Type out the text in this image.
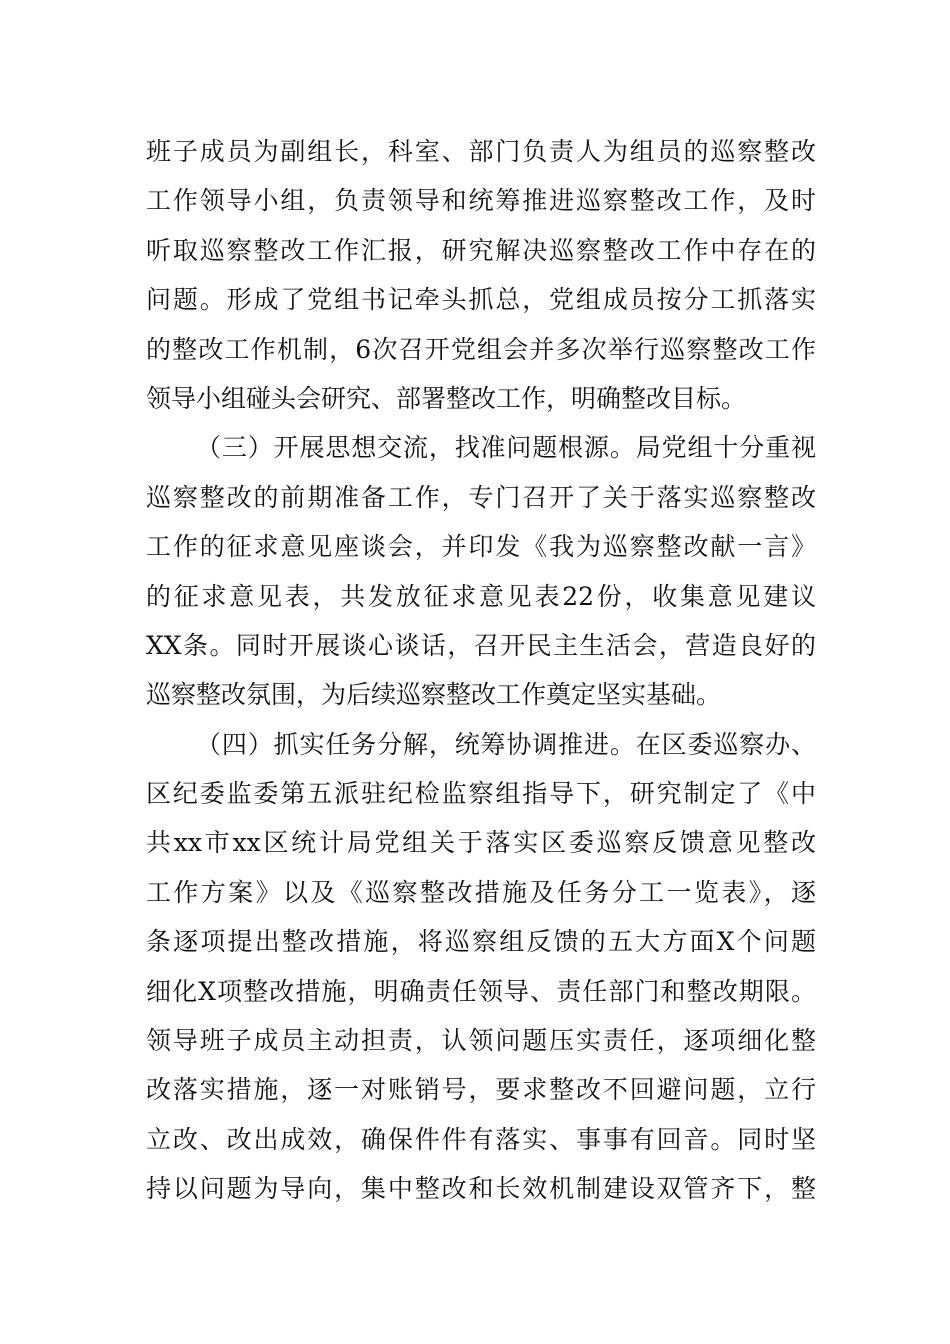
班子成员为副组长，科室、部门负责人为组员的巡察整改
工作领导小组，负责领导和统筹推进巡察整改工作，及时
听取巡察整改工作汇报，研究解决巡察整改工作中存在的
问题。形成了党组书记牵头抓总，党组成员按分工抓落实
的整改工作机制，6次召开党组会并多次举行巡察整改工作
领导小组碰头会研究、部署整改工作，明确整改目标。
（三）开展思想交流，找准问题根源。局党组十分重视
巡察整改的前期准备工作，专门召开了关于落实巡察整改
工作的征求意见座谈会，并印发《我为巡察整改献一言》
的征求意见表，共发放征求意见表22份，收集意见建议
XX条。同时开展谈心谈话，召开民主生活会，营造良好的
巡察整改氛围，为后续巡察整改工作奠定坚实基础。
（四）抓实任务分解，统筹协调推进。在区委巡察办、
区纪委监委第五派驻纪检监察组指导下，研究制定了《中
共xx市xx区统计局党组关于落实区委巡察反馈意见整改
工作方案》以及《巡察整改措施及任务分工一览表》，逐
条逐项提出整改措施，将巡察组反馈的五大方面X个问题
细化X项整改措施，明确责任领导、责任部门和整改期限。
领导班子成员主动担责，认领问题压实责任，逐项细化整
改落实措施，逐一对账销号，要求整改不回避问题，立行
立改、改出成效，确保件件有落实、事事有回音。同时坚
持以问题为导向，集中整改和长效机制建设双管齐下，整
